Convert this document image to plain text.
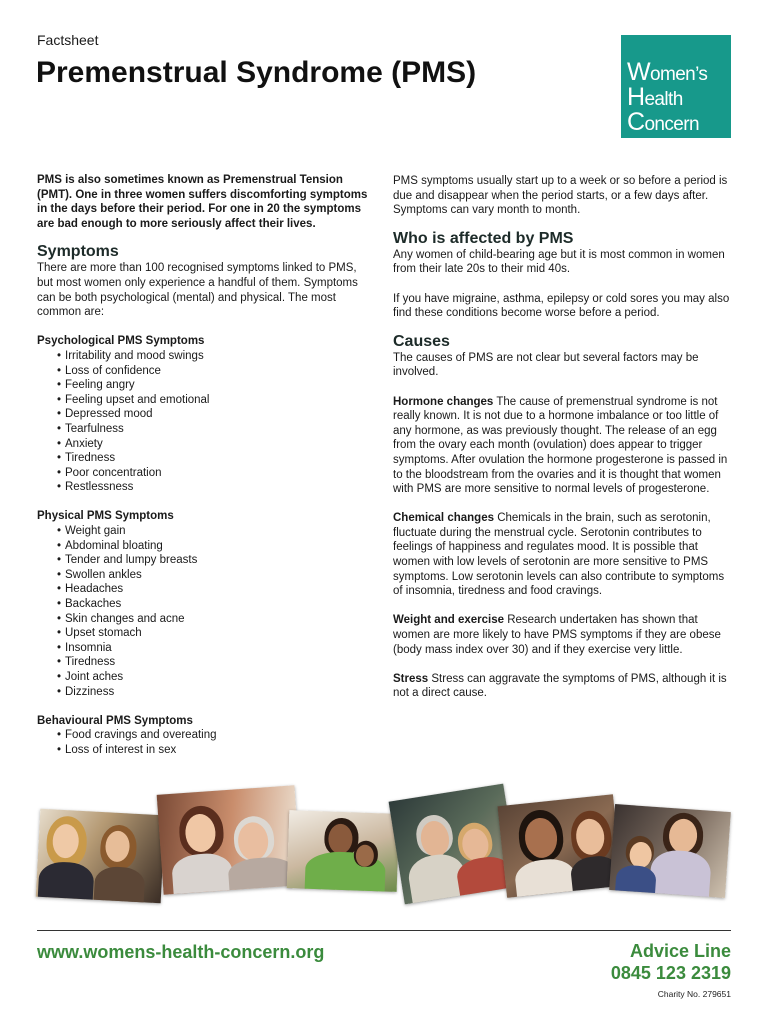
Factsheet
Premenstrual Syndrome (PMS)	Women’s
Health
Concern

PMS is also sometimes known as Premenstrual Tension (PMT). One in three women suffers discomforting symptoms in the days before their period. For one in 20 the symptoms are bad enough to more seriously affect their lives.

Symptoms

There are more than 100 recognised symptoms linked to PMS, but most women only experience a handful of them. Symptoms can be both psychological (mental) and physical. The most common are:

Psychological PMS Symptoms
• Irritability and mood swings
• Loss of confidence
• Feeling angry
• Feeling upset and emotional
• Depressed mood
• Tearfulness
• Anxiety
• Tiredness
• Poor concentration
• Restlessness
Physical PMS Symptoms
• Weight gain
• Abdominal bloating
• Tender and lumpy breasts
• Swollen ankles
• Headaches
• Backaches
• Skin changes and acne
• Upset stomach
• Insomnia
• Tiredness
• Joint aches
• Dizziness
Behavioural PMS Symptoms
• Food cravings and overeating
• Loss of interest in sex

PMS symptoms usually start up to a week or so before a period is due and disappear when the period starts, or a few days after. Symptoms can vary month to month.

Who is affected by PMS

Any women of child-bearing age but it is most common in women from their late 20s to their mid 40s.

If you have migraine, asthma, epilepsy or cold sores you may also find these conditions become worse before a period.

Causes

The causes of PMS are not clear but several factors may be involved.

Hormone changes The cause of premenstrual syndrome is not really known. It is not due to a hormone imbalance or too little of any hormone, as was previously thought. The release of an egg from the ovary each month (ovulation) does appear to trigger symptoms. After ovulation the hormone progesterone is passed in to the bloodstream from the ovaries and it is thought that women with PMS are more sensitive to normal levels of progesterone.

Chemical changes Chemicals in the brain, such as serotonin, fluctuate during the menstrual cycle. Serotonin contributes to feelings of happiness and regulates mood. It is possible that women with low levels of serotonin are more sensitive to PMS symptoms. Low serotonin levels can also contribute to symptoms of insomnia, tiredness and food cravings.

Weight and exercise Research undertaken has shown that women are more likely to have PMS symptoms if they are obese (body mass index over 30) and if they exercise very little.

Stress Stress can aggravate the symptoms of PMS, although it is not a direct cause.

www.womens-health-concern.org	Advice Line
0845 123 2319
Charity No. 279651
